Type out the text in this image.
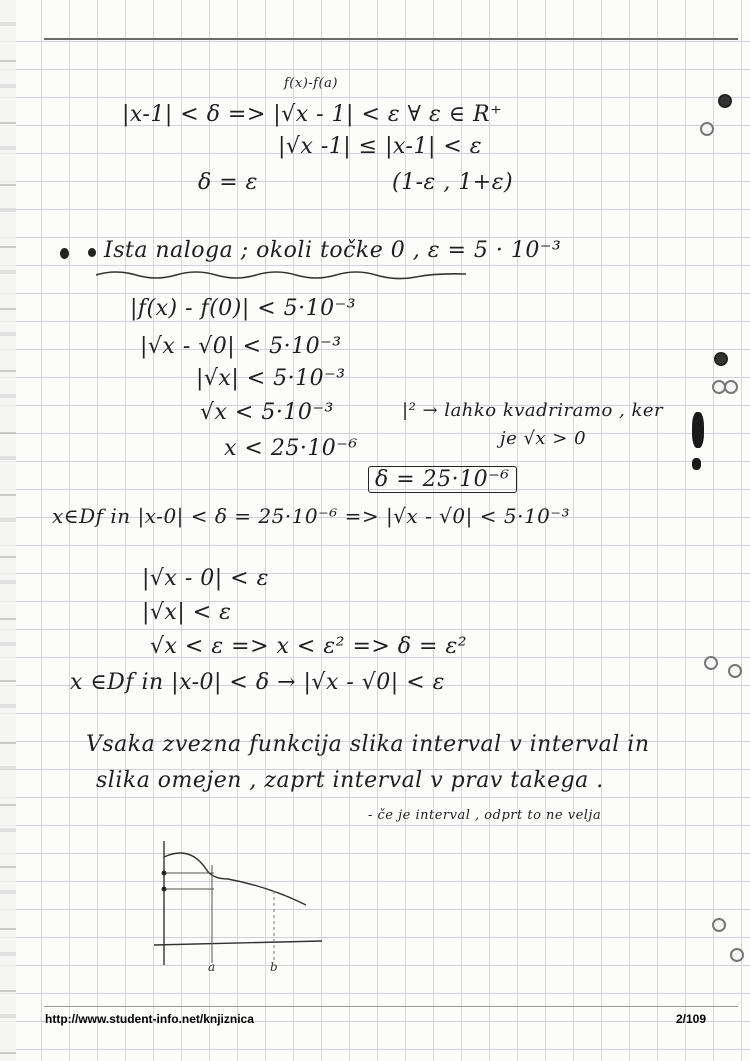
f(x)-f(a)
|x-1| < δ => |√x - 1| < ε ∀ ε ∈ R⁺
|√x -1| ≤ |x-1| < ε
δ = ε	(1-ε , 1+ε)
Ista naloga ; okoli točke 0 , ε = 5 · 10⁻³
|f(x) - f(0)| < 5·10⁻³
|√x - √0| < 5·10⁻³
|√x| < 5·10⁻³
√x < 5·10⁻³	|² → lahko kvadriramo , ker
je √x > 0
x < 25·10⁻⁶
δ = 25·10⁻⁶
x∈Df in |x-0| < δ = 25·10⁻⁶ => |√x - √0| < 5·10⁻³
|√x - 0| < ε
|√x| < ε
√x < ε => x < ε² => δ = ε²
x ∈Df in |x-0| < δ → |√x - √0| < ε
Vsaka zvezna funkcija slika interval v interval in
slika omejen , zaprt interval v prav takega .
- če je interval , odprt to ne velja
a	b
http://www.student-info.net/knjiznica	2/109
